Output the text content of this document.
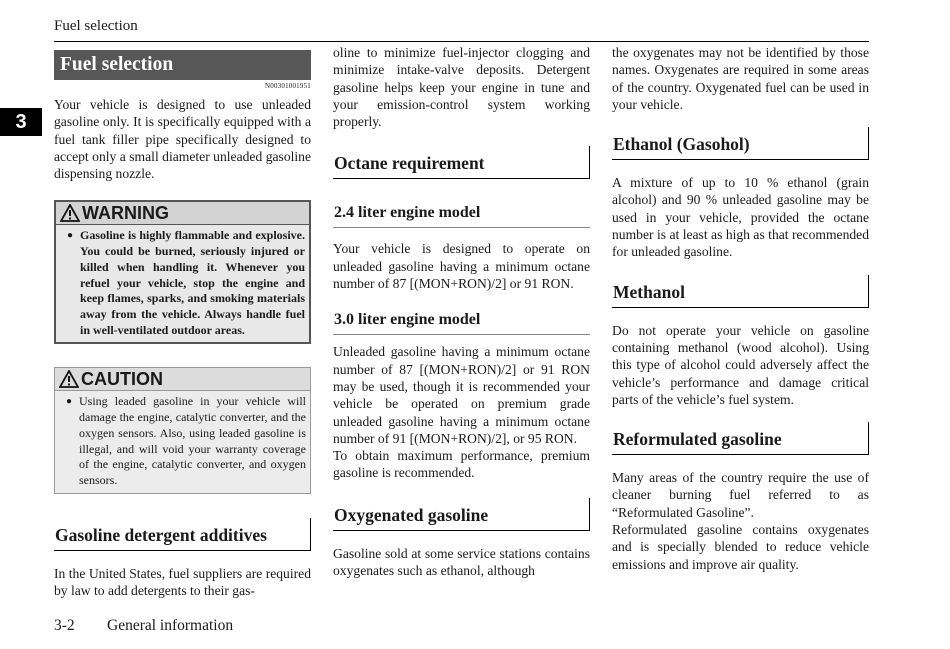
Fuel selection
3
Fuel selection
N00301001951

Your vehicle is designed to use unleaded gasoline only. It is specifically equipped with a fuel tank filler pipe specifically designed to accept only a small diameter unleaded gasoline dispensing nozzle.

WARNING
● Gasoline is highly flammable and explosive. You could be burned, seriously injured or killed when handling it. Whenever you refuel your vehicle, stop the engine and keep flames, sparks, and smoking materials away from the vehicle. Always handle fuel in well-ventilated outdoor areas.
CAUTION
● Using leaded gasoline in your vehicle will damage the engine, catalytic converter, and the oxygen sensors. Also, using leaded gasoline is illegal, and will void your warranty coverage of the engine, catalytic converter, and oxygen sensors.
Gasoline detergent additives

In the United States, fuel suppliers are required by law to add detergents to their gas-

oline to minimize fuel-injector clogging and minimize intake-valve deposits. Detergent gasoline helps keep your engine in tune and your emission-control system working properly.

Octane requirement
2.4 liter engine model

Your vehicle is designed to operate on unleaded gasoline having a minimum octane number of 87 [(MON+RON)/2] or 91 RON.

3.0 liter engine model

Unleaded gasoline having a minimum octane number of 87 [(MON+RON)/2] or 91 RON may be used, though it is recommended your vehicle be operated on premium grade unleaded gasoline having a minimum octane number of 91 [(MON+RON)/2], or 95 RON.

To obtain maximum performance, premium gasoline is recommended.

Oxygenated gasoline

Gasoline sold at some service stations contains oxygenates such as ethanol, although

the oxygenates may not be identified by those names. Oxygenates are required in some areas of the country. Oxygenated fuel can be used in your vehicle.

Ethanol (Gasohol)

A mixture of up to 10 % ethanol (grain alcohol) and 90 % unleaded gasoline may be used in your vehicle, provided the octane number is at least as high as that recommended for unleaded gasoline.

Methanol

Do not operate your vehicle on gasoline containing methanol (wood alcohol). Using this type of alcohol could adversely affect the vehicle’s performance and damage critical parts of the vehicle’s fuel system.

Reformulated gasoline

Many areas of the country require the use of cleaner burning fuel referred to as “Reformulated Gasoline”.

Reformulated gasoline contains oxygenates and is specially blended to reduce vehicle emissions and improve air quality.

3-2 General information
